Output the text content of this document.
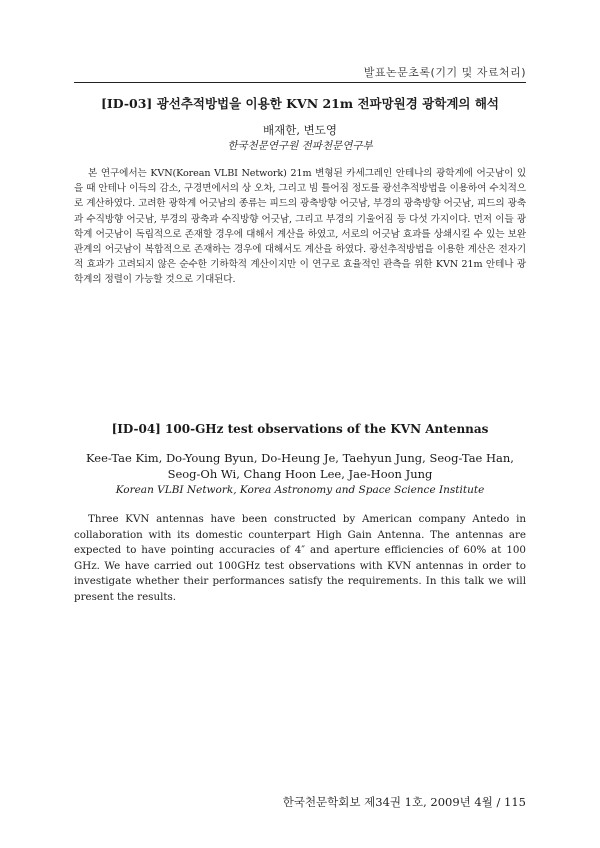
발표논문초록(기기 및 자료처리)
[ID-03] 광선추적방법을 이용한 KVN 21m 전파망원경 광학계의 해석

배재한, 변도영

한국천문연구원 전파천문연구부

본 연구에서는 KVN(Korean VLBI Network) 21m 변형된 카세그레인 안테나의 광학계에 어긋남이 있을 때 안테나 이득의 감소, 구경면에서의 상 오차, 그리고 빔 틀어짐 정도를 광선추적방법을 이용하여 수치적으로 계산하였다. 고려한 광학계 어긋남의 종류는 피드의 광축방향 어긋남, 부경의 광축방향 어긋남, 피드의 광축과 수직방향 어긋남, 부경의 광축과 수직방향 어긋남, 그리고 부경의 기울어짐 등 다섯 가지이다. 먼저 이들 광학계 어긋남이 독립적으로 존재할 경우에 대해서 계산을 하였고, 서로의 어긋남 효과를 상쇄시킬 수 있는 보완관계의 어긋남이 복합적으로 존재하는 경우에 대해서도 계산을 하였다. 광선추적방법을 이용한 계산은 전자기적 효과가 고려되지 않은 순수한 기하학적 계산이지만 이 연구로 효율적인 관측을 위한 KVN 21m 안테나 광학계의 정렬이 가능할 것으로 기대된다.

[ID-04] 100-GHz test observations of the KVN Antennas

Kee-Tae Kim, Do-Young Byun, Do-Heung Je, Taehyun Jung, Seog-Tae Han, Seog-Oh Wi, Chang Hoon Lee, Jae-Hoon Jung

Korean VLBI Network, Korea Astronomy and Space Science Institute

Three KVN antennas have been constructed by American company Antedo in collaboration with its domestic counterpart High Gain Antenna. The antennas are expected to have pointing accuracies of 4″ and aperture efficiencies of 60% at 100 GHz. We have carried out 100GHz test observations with KVN antennas in order to investigate whether their performances satisfy the requirements. In this talk we will present the results.

한국천문학회보 제34권 1호, 2009년 4월 / 115
